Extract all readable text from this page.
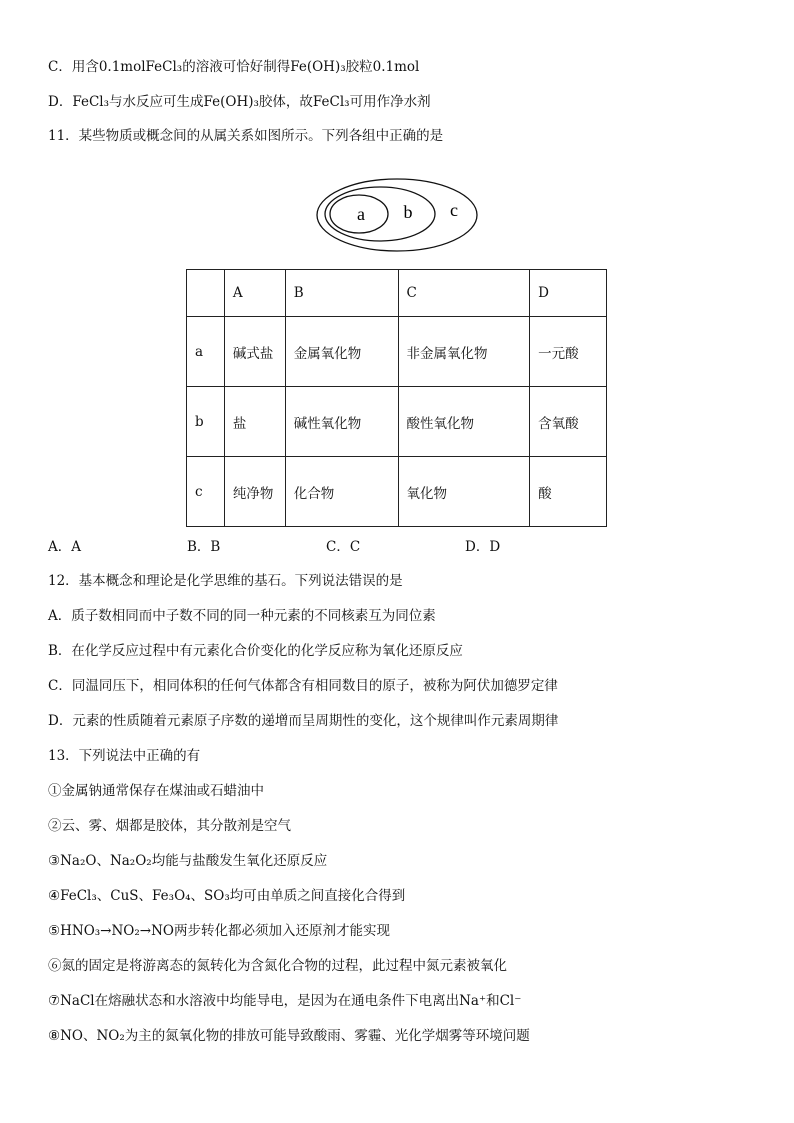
C．用含0.1molFeCl₃的溶液可恰好制得Fe(OH)₃胶粒0.1mol
D．FeCl₃与水反应可生成Fe(OH)₃胶体，故FeCl₃可用作净水剂
11．某些物质或概念间的从属关系如图所示。下列各组中正确的是
a b c
	A	B	C	D
a	碱式盐	金属氧化物	非金属氧化物	一元酸
b	盐	碱性氧化物	酸性氧化物	含氧酸
c	纯净物	化合物	氧化物	酸
A．A	B．B	C．C	D．D
12．基本概念和理论是化学思维的基石。下列说法错误的是
A．质子数相同而中子数不同的同一种元素的不同核素互为同位素
B．在化学反应过程中有元素化合价变化的化学反应称为氧化还原反应
C．同温同压下，相同体积的任何气体都含有相同数目的原子，被称为阿伏加德罗定律
D．元素的性质随着元素原子序数的递增而呈周期性的变化，这个规律叫作元素周期律
13．下列说法中正确的有
①金属钠通常保存在煤油或石蜡油中
②云、雾、烟都是胶体，其分散剂是空气
③Na₂O、Na₂O₂均能与盐酸发生氧化还原反应
④FeCl₃、CuS、Fe₃O₄、SO₃均可由单质之间直接化合得到
⑤HNO₃→NO₂→NO两步转化都必须加入还原剂才能实现
⑥氮的固定是将游离态的氮转化为含氮化合物的过程，此过程中氮元素被氧化
⑦NaCl在熔融状态和水溶液中均能导电，是因为在通电条件下电离出Na⁺和Cl⁻
⑧NO、NO₂为主的氮氧化物的排放可能导致酸雨、雾霾、光化学烟雾等环境问题
